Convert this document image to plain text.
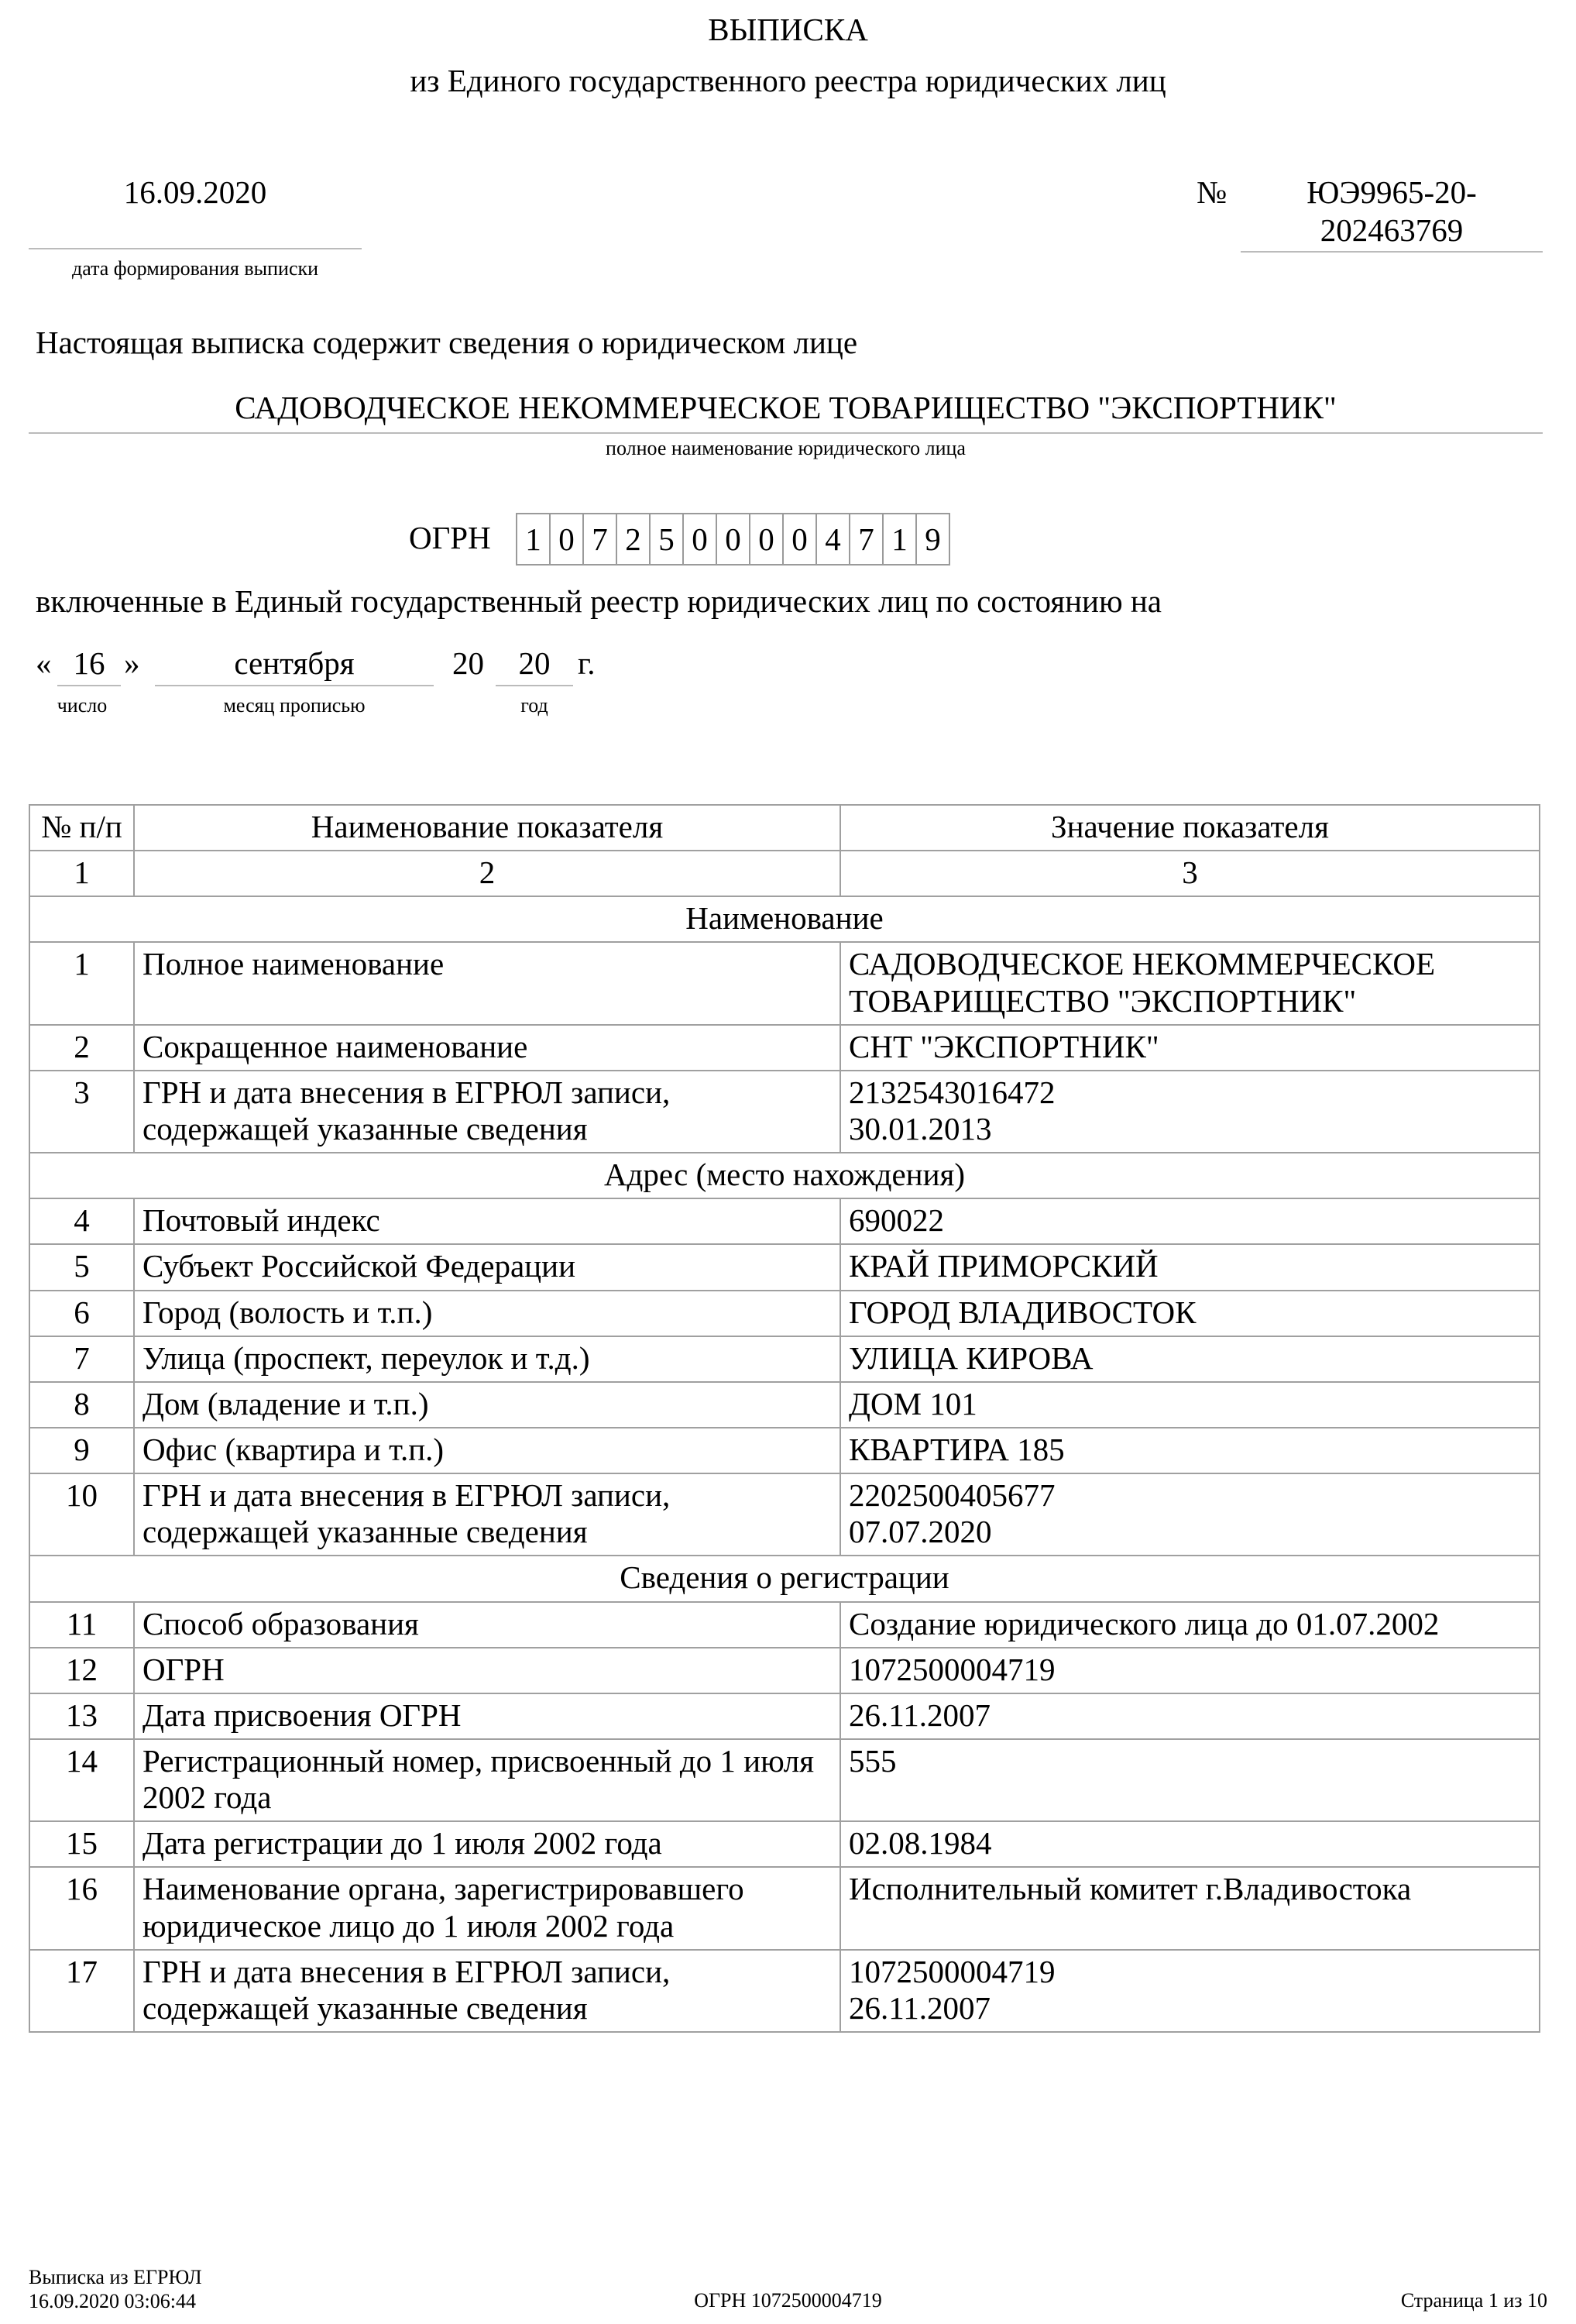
ВЫПИСКА
из Единого государственного реестра юридических лиц
16.09.2020
дата формирования выписки
№	ЮЭ9965-20-
202463769
Настоящая выписка содержит сведения о юридическом лице
САДОВОДЧЕСКОЕ НЕКОММЕРЧЕСКОЕ ТОВАРИЩЕСТВО "ЭКСПОРТНИК"
полное наименование юридического лица
ОГРН 1 0 7 2 5 0 0 0 0 4 7 1 9
включенные в Единый государственный реестр юридических лиц по состоянию на
« 16 »	сентября	20	20 г.
число	месяц прописью	год
№ п/п	Наименование показателя	Значение показателя
1	2	3
Наименование		
1	Полное наименование	САДОВОДЧЕСКОЕ НЕКОММЕРЧЕСКОЕ ТОВАРИЩЕСТВО "ЭКСПОРТНИК"
2	Сокращенное наименование	СНТ "ЭКСПОРТНИК"
3	ГРН и дата внесения в ЕГРЮЛ записи, содержащей указанные сведения	2132543016472
30.01.2013

Адрес (место нахождения)		
4	Почтовый индекс	690022
5	Субъект Российской Федерации	КРАЙ ПРИМОРСКИЙ
6	Город (волость и т.п.)	ГОРОД ВЛАДИВОСТОК
7	Улица (проспект, переулок и т.д.)	УЛИЦА КИРОВА
8	Дом (владение и т.п.)	ДОМ 101
9	Офис (квартира и т.п.)	КВАРТИРА 185
10	ГРН и дата внесения в ЕГРЮЛ записи, содержащей указанные сведения	2202500405677
07.07.2020

Сведения о регистрации		
11	Способ образования	Создание юридического лица до 01.07.2002
12	ОГРН	1072500004719
13	Дата присвоения ОГРН	26.11.2007
14	Регистрационный номер, присвоенный до 1 июля 2002 года	555
15	Дата регистрации до 1 июля 2002 года	02.08.1984
16	Наименование органа, зарегистрировавшего юридическое лицо до 1 июля 2002 года	Исполнительный комитет г.Владивостока
17	ГРН и дата внесения в ЕГРЮЛ записи, содержащей указанные сведения	1072500004719
26.11.2007
Выписка из ЕГРЮЛ
16.09.2020 03:06:44	ОГРН 1072500004719	Страница 1 из 10
